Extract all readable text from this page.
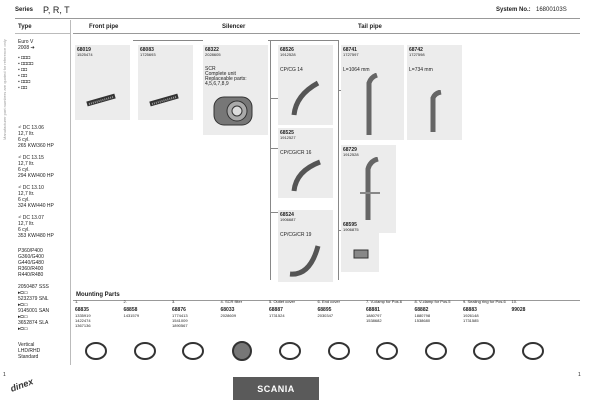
Series P, R, T	System No.: 16800103S
Manufacturer part numbers are quoted for reference only
Type
Euro V
2008 ➔
▪ ◘◘◘
▪ ◘◘◘◘
▪ ◘◘
▪ ◘◘
▪ ◘◘◘
▪ ◘◘
⁴⁾ DC 13.06
12,7 ltr.
6 cyl.
265 KW/360 HP
⁴⁾ DC 13.15
12,7 ltr.
6 cyl.
294 KW/400 HP
⁴⁾ DC 13.10
12,7 ltr.
6 cyl.
324 KW/440 HP
⁴⁾ DC 13.07
12,7 ltr.
6 cyl.
353 KW/480 HP
P360/P400
G360/G400
G440/G480
R360/R400
R440/R480
2050487 SSS
▸◘▭
5232379 SNL
▸◘▭
9145001 SAN
▸◘▭
3652874 SLA
▸◘▭
Vertical
LHD/RHD
Standard
Front pipe	Silencer	Tail pipe
68019
1525474
68083
1725693
68322
2028605
SCR
Complete unit
Replaceable parts:
4,5,6,7,8,9
68526
1912528
CP/CG 14
68525
1912527
CP/CG/CR 16
68524
1906687
CP/CG/CR 19
68741
1727597
L=1064 mm
68742
1727598
L=734 mm
68729
1912528
68595
1906875
Mounting Parts
1.
68835
1335919
1422474
1367136
2.
68858
1431579
3.
68876
1774413
1541009
1890567
4. SCR filter
68033
2028609
5. Outlet cover
68887
1731524
6. End cover
68895
2030347
7. V-clamp for Pos.6
68881
1880797
1538682
8. V-clamp for Pos.5
68882
1880798
1538680
9. Sealing ring for Pos.6
68883
1926148
1731585
10.
99028
1	1
dinex	SCANIA
